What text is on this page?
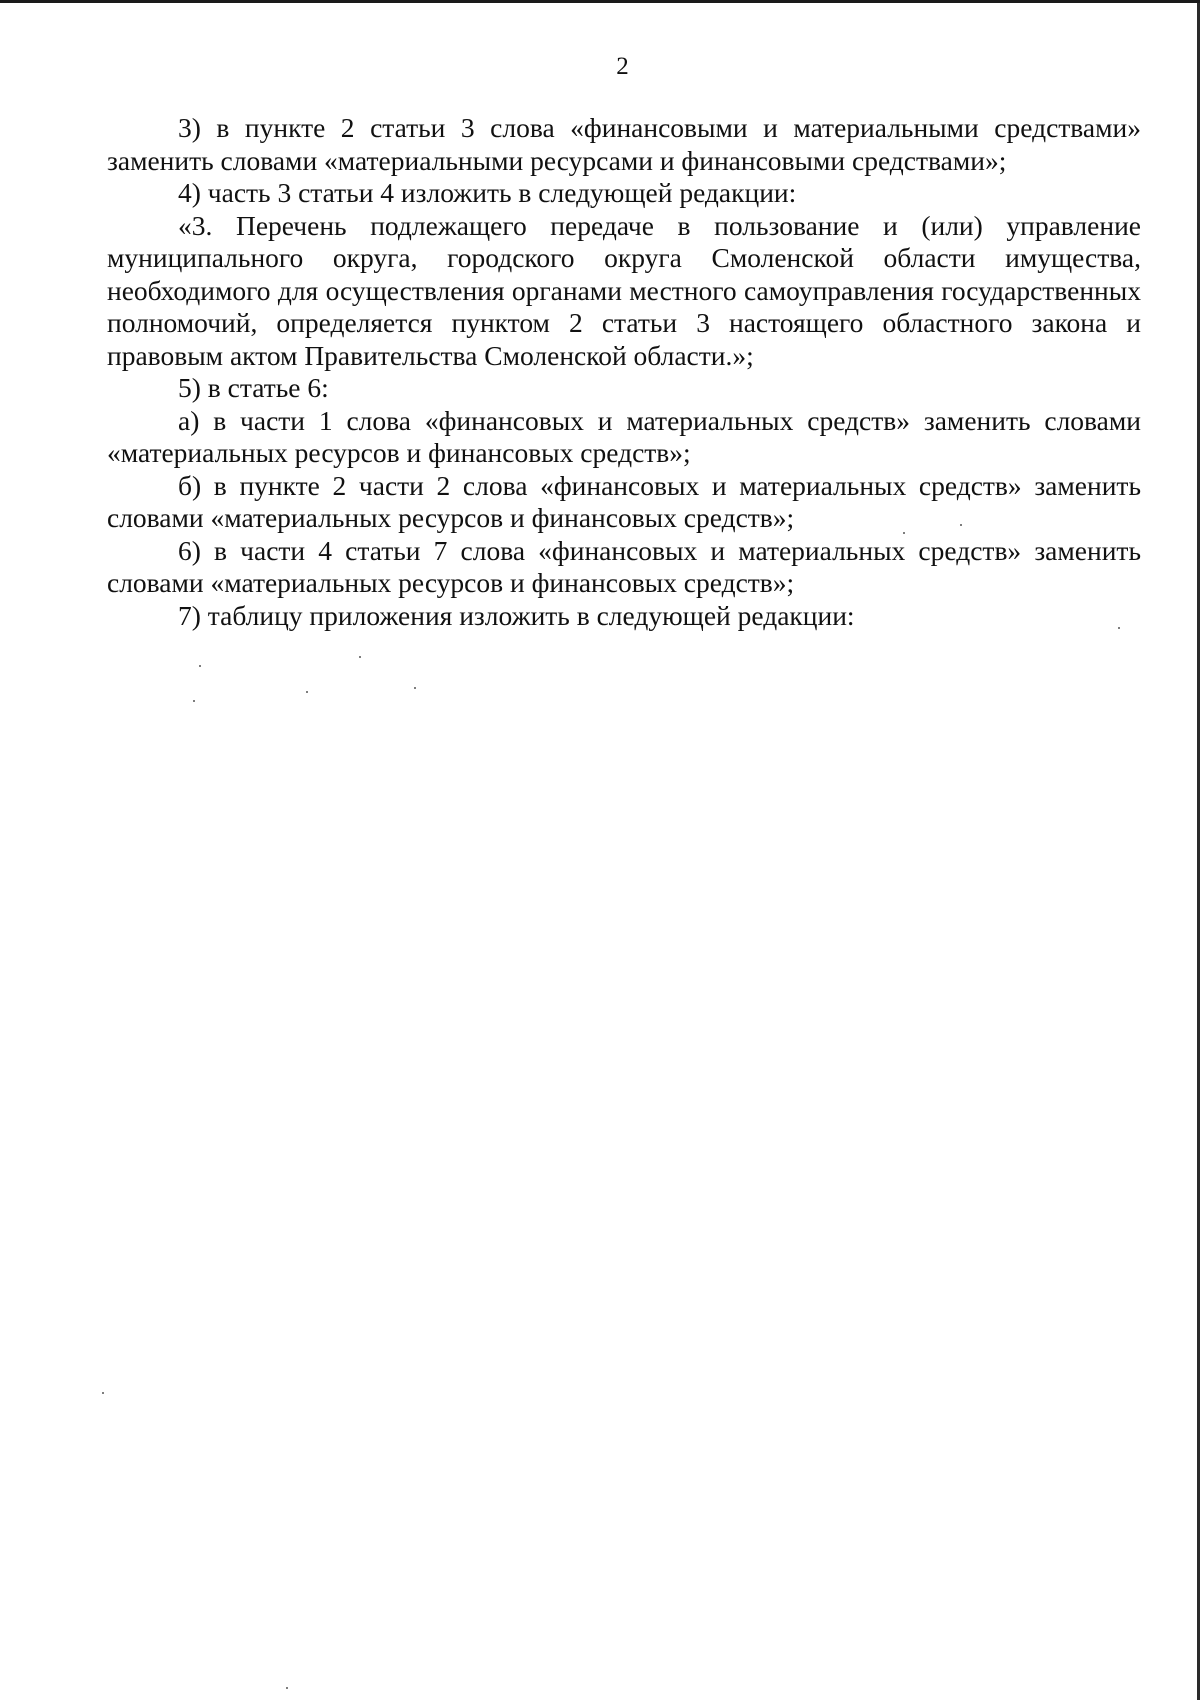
2

3) в пункте 2 статьи 3 слова «финансовыми и материальными средствами» заменить словами «материальными ресурсами и финансовыми средствами»;

4) часть 3 статьи 4 изложить в следующей редакции:

«3. Перечень подлежащего передаче в пользование и (или) управление муниципального округа, городского округа Смоленской области имущества, необходимого для осуществления органами местного самоуправления государственных полномочий, определяется пунктом 2 статьи 3 настоящего областного закона и правовым актом Правительства Смоленской области.»;

5) в статье 6:

а) в части 1 слова «финансовых и материальных средств» заменить словами «материальных ресурсов и финансовых средств»;

б) в пункте 2 части 2 слова «финансовых и материальных средств» заменить словами «материальных ресурсов и финансовых средств»;

6) в части 4 статьи 7 слова «финансовых и материальных средств» заменить словами «материальных ресурсов и финансовых средств»;

7) таблицу приложения изложить в следующей редакции:
